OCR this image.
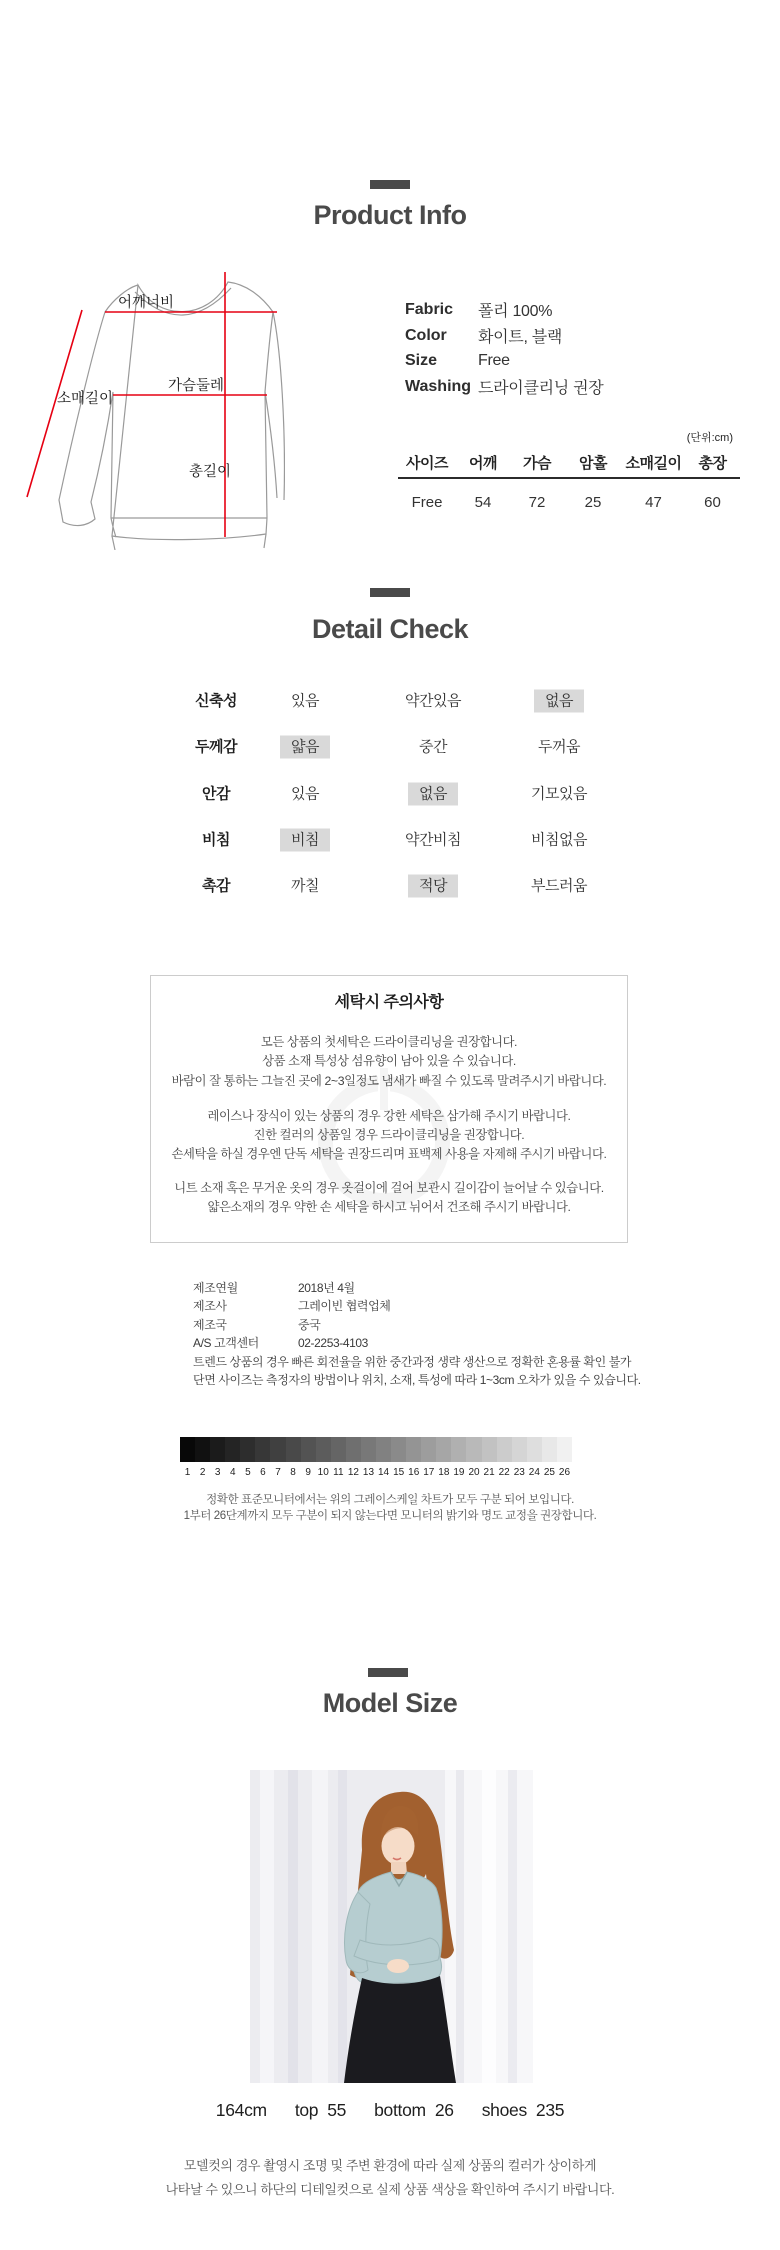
Product Info
어깨너비
가슴둘레
소매길이
총길이
Fabric	폴리 100%
Color	화이트, 블랙
Size	Free
Washing 드라이클리닝 권장
(단위:cm)
사이즈	어깨	가슴	암홀	소매길이	총장
Free	54	72	25	47	60
Detail Check
신축성	있음	약간있음	없음
두께감	얇음	중간	두꺼움
안감	있음	없음	기모있음
비침	비침	약간비침	비침없음
촉감	까칠	적당	부드러움
세탁시 주의사항
모든 상품의 첫세탁은 드라이클리닝을 권장합니다.
상품 소재 특성상 섬유향이 남아 있을 수 있습니다.
바람이 잘 통하는 그늘진 곳에 2~3일정도 냄새가 빠질 수 있도록 말려주시기 바랍니다.
레이스나 장식이 있는 상품의 경우 강한 세탁은 삼가해 주시기 바랍니다.
진한 컬러의 상품일 경우 드라이클리닝을 권장합니다.
손세탁을 하실 경우엔 단독 세탁을 권장드리며 표백제 사용을 자제해 주시기 바랍니다.
니트 소재 혹은 무거운 옷의 경우 옷걸이에 걸어 보관시 길이감이 늘어날 수 있습니다.
얇은소재의 경우 약한 손 세탁을 하시고 뉘어서 건조해 주시기 바랍니다.
제조연월	2018년 4월
제조사	그레이빈 협력업체
제조국	중국
A/S 고객센터	02-2253-4103
트렌드 상품의 경우 빠른 회전율을 위한 중간과정 생략 생산으로 정확한 혼용률 확인 불가
단면 사이즈는 측정자의 방법이나 위치, 소재, 특성에 따라 1~3cm 오차가 있을 수 있습니다.
1 2 3 4 5 6 7 8 9 10 11 12 13 14 15 16 17 18 19 20 21 22 23 24 25 26
정확한 표준모니터에서는 위의 그레이스케일 차트가 모두 구분 되어 보입니다.
1부터 26단계까지 모두 구분이 되지 않는다면 모니터의 밝기와 명도 교정을 권장합니다.
Model Size
164cm top 55 bottom 26 shoes 235
모델컷의 경우 촬영시 조명 및 주변 환경에 따라 실제 상품의 컬러가 상이하게
나타날 수 있으니 하단의 디테일컷으로 실제 상품 색상을 확인하여 주시기 바랍니다.
